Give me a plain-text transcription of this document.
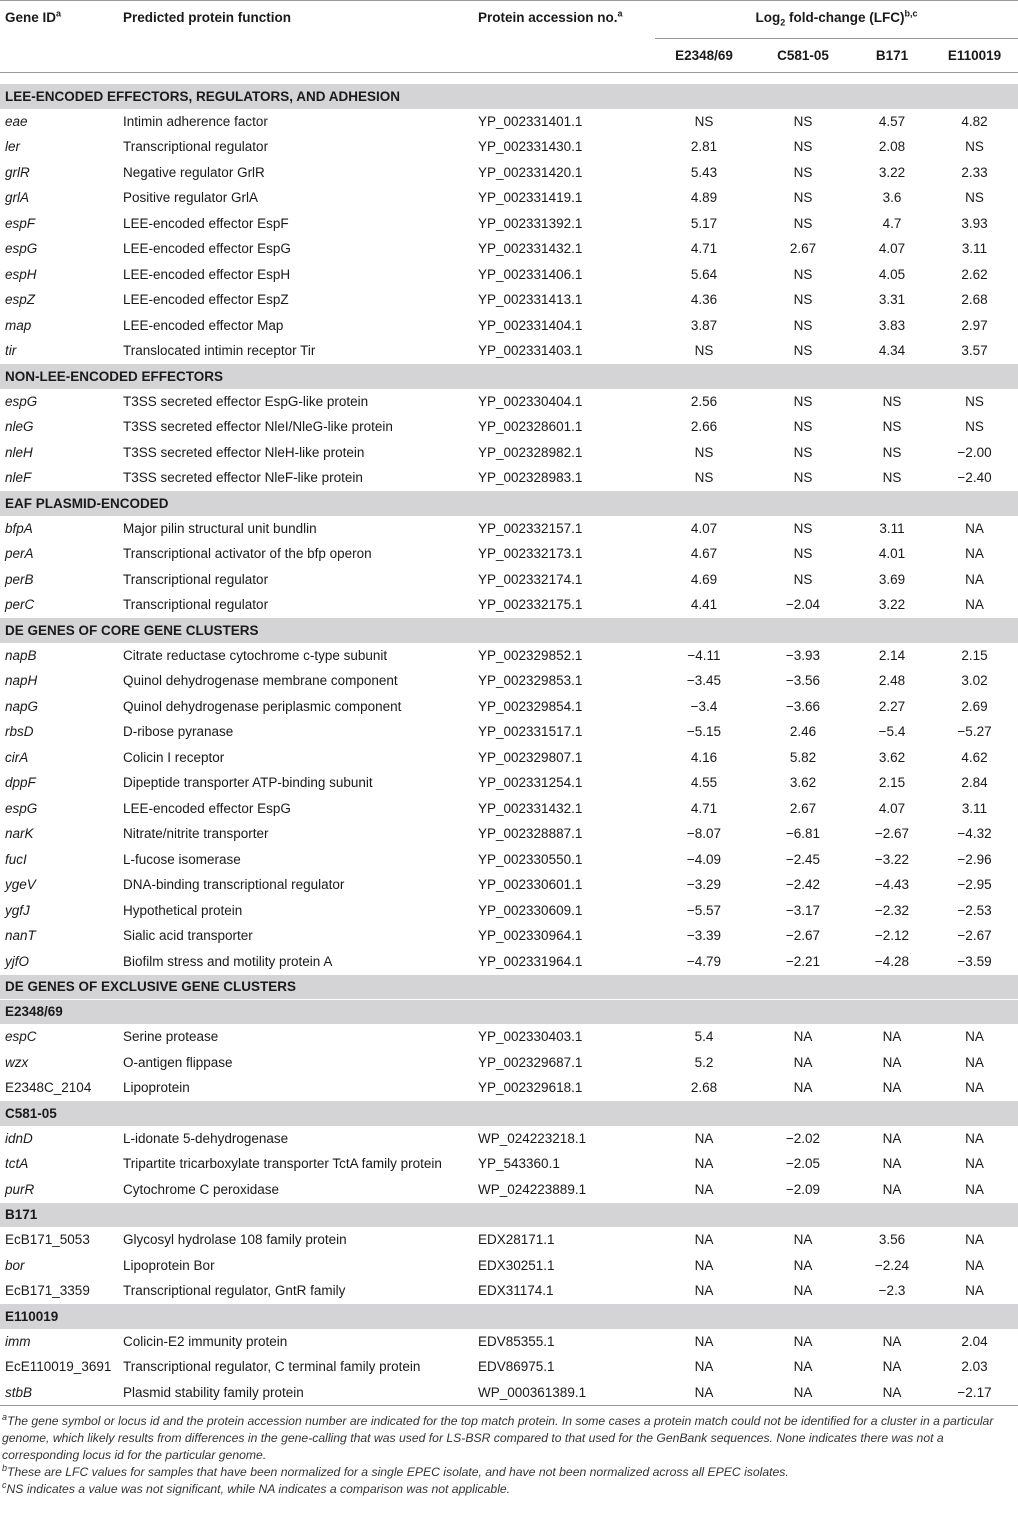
Gene $ID^a$	Predicted protein function	Protein accession no.$^a$	Log$_2$ fold-change (LFC)$^{b,c}$
			E2348/69	C581-05	B171	E110019

LEE-ENCODED EFFECTORS, REGULATORS, AND ADHESION						
eae	Intimin adherence factor	YP_002331401.1	NS	NS	4.57	4.82
ler	Transcriptional regulator	YP_002331430.1	2.81	NS	2.08	NS
grlR	Negative regulator GrlR	YP_002331420.1	5.43	NS	3.22	2.33
grlA	Positive regulator GrlA	YP_002331419.1	4.89	NS	3.6	NS
espF	LEE-encoded effector EspF	YP_002331392.1	5.17	NS	4.7	3.93
espG	LEE-encoded effector EspG	YP_002331432.1	4.71	2.67	4.07	3.11
espH	LEE-encoded effector EspH	YP_002331406.1	5.64	NS	4.05	2.62
espZ	LEE-encoded effector EspZ	YP_002331413.1	4.36	NS	3.31	2.68
map	LEE-encoded effector Map	YP_002331404.1	3.87	NS	3.83	2.97
tir	Translocated intimin receptor Tir	YP_002331403.1	NS	NS	4.34	3.57
NON-LEE-ENCODED EFFECTORS						
espG	T3SS secreted effector EspG-like protein	YP_002330404.1	2.56	NS	NS	NS
nleG	T3SS secreted effector NleI/NleG-like protein	YP_002328601.1	2.66	NS	NS	NS
nleH	T3SS secreted effector NleH-like protein	YP_002328982.1	NS	NS	NS	−2.00
nleF	T3SS secreted effector NleF-like protein	YP_002328983.1	NS	NS	NS	−2.40
EAF PLASMID-ENCODED						
bfpA	Major pilin structural unit bundlin	YP_002332157.1	4.07	NS	3.11	NA
perA	Transcriptional activator of the bfp operon	YP_002332173.1	4.67	NS	4.01	NA
perB	Transcriptional regulator	YP_002332174.1	4.69	NS	3.69	NA
perC	Transcriptional regulator	YP_002332175.1	4.41	−2.04	3.22	NA
DE GENES OF CORE GENE CLUSTERS						
napB	Citrate reductase cytochrome c-type subunit	YP_002329852.1	−4.11	−3.93	2.14	2.15
napH	Quinol dehydrogenase membrane component	YP_002329853.1	−3.45	−3.56	2.48	3.02
napG	Quinol dehydrogenase periplasmic component	YP_002329854.1	−3.4	−3.66	2.27	2.69
rbsD	D-ribose pyranase	YP_002331517.1	−5.15	2.46	−5.4	−5.27
cirA	Colicin I receptor	YP_002329807.1	4.16	5.82	3.62	4.62
dppF	Dipeptide transporter ATP-binding subunit	YP_002331254.1	4.55	3.62	2.15	2.84
espG	LEE-encoded effector EspG	YP_002331432.1	4.71	2.67	4.07	3.11
narK	Nitrate/nitrite transporter	YP_002328887.1	−8.07	−6.81	−2.67	−4.32
fucI	L-fucose isomerase	YP_002330550.1	−4.09	−2.45	−3.22	−2.96
ygeV	DNA-binding transcriptional regulator	YP_002330601.1	−3.29	−2.42	−4.43	−2.95
ygfJ	Hypothetical protein	YP_002330609.1	−5.57	−3.17	−2.32	−2.53
nanT	Sialic acid transporter	YP_002330964.1	−3.39	−2.67	−2.12	−2.67
yjfO	Biofilm stress and motility protein A	YP_002331964.1	−4.79	−2.21	−4.28	−3.59
DE GENES OF EXCLUSIVE GENE CLUSTERS						
E2348/69						
espC	Serine protease	YP_002330403.1	5.4	NA	NA	NA
wzx	O-antigen flippase	YP_002329687.1	5.2	NA	NA	NA
E2348C_2104	Lipoprotein	YP_002329618.1	2.68	NA	NA	NA
C581-05						
idnD	L-idonate 5-dehydrogenase	WP_024223218.1	NA	−2.02	NA	NA
tctA	Tripartite tricarboxylate transporter TctA family protein	YP_543360.1	NA	−2.05	NA	NA
purR	Cytochrome C peroxidase	WP_024223889.1	NA	−2.09	NA	NA
B171						
EcB171_5053	Glycosyl hydrolase 108 family protein	EDX28171.1	NA	NA	3.56	NA
bor	Lipoprotein Bor	EDX30251.1	NA	NA	−2.24	NA
EcB171_3359	Transcriptional regulator, GntR family	EDX31174.1	NA	NA	−2.3	NA
E110019						
imm	Colicin-E2 immunity protein	EDV85355.1	NA	NA	NA	2.04
EcE110019_3691	Transcriptional regulator, C terminal family protein	EDV86975.1	NA	NA	NA	2.03
stbB	Plasmid stability family protein	WP_000361389.1	NA	NA	NA	−2.17

$^a$The gene symbol or locus id and the protein accession number are indicated for the top match protein. In some cases a protein match could not be identified for a cluster in a particular genome, which likely results from differences in the gene-calling that was used for LS-BSR compared to that used for the GenBank sequences. None indicates there was not a corresponding locus id for the particular genome.

$^b$These are LFC values for samples that have been normalized for a single EPEC isolate, and have not been normalized across all EPEC isolates.

$^c$NS indicates a value was not significant, while NA indicates a comparison was not applicable.
